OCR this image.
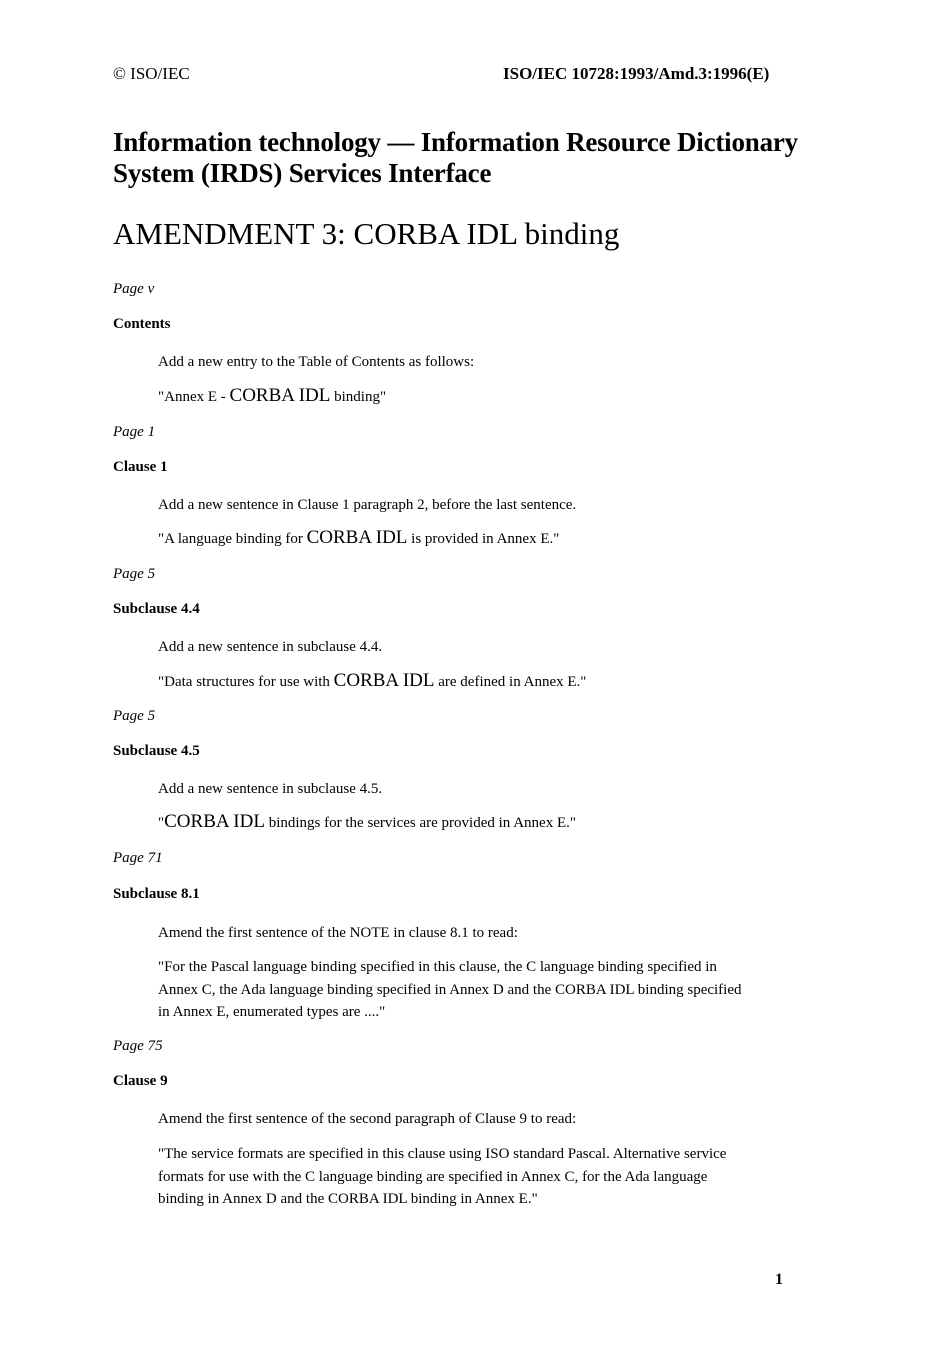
© ISO/IEC	ISO/IEC 10728:1993/Amd.3:1996(E)
Information technology — Information Resource Dictionary
System (IRDS) Services Interface
AMENDMENT 3: CORBA IDL binding
Page v
Contents
Add a new entry to the Table of Contents as follows:
"Annex E - CORBA IDL binding"
Page 1
Clause 1
Add a new sentence in Clause 1 paragraph 2, before the last sentence.
"A language binding for CORBA IDL is provided in Annex E."
Page 5
Subclause 4.4
Add a new sentence in subclause 4.4.
"Data structures for use with CORBA IDL are defined in Annex E."
Page 5
Subclause 4.5
Add a new sentence in subclause 4.5.
"CORBA IDL bindings for the services are provided in Annex E."
Page 71
Subclause 8.1
Amend the first sentence of the NOTE in clause 8.1 to read:
"For the Pascal language binding specified in this clause, the C language binding specified in
Annex C, the Ada language binding specified in Annex D and the CORBA IDL binding specified
in Annex E, enumerated types are ...."
Page 75
Clause 9
Amend the first sentence of the second paragraph of Clause 9 to read:
"The service formats are specified in this clause using ISO standard Pascal. Alternative service
formats for use with the C language binding are specified in Annex C, for the Ada language
binding in Annex D and the CORBA IDL binding in Annex E."
1
